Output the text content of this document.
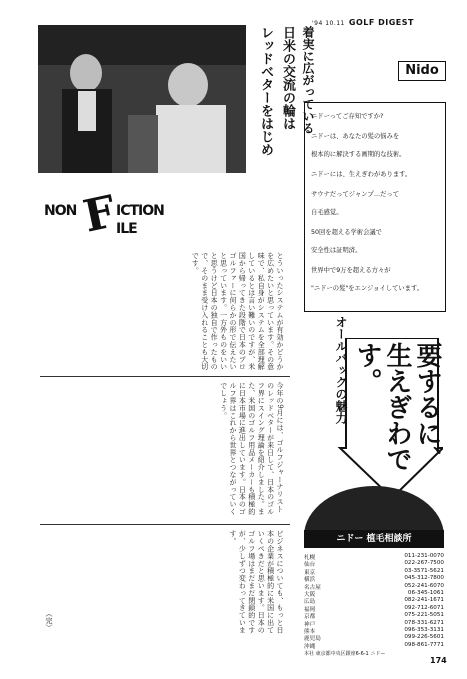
'94 10.11 GOLF DIGEST
レッドベターをはじめ 日米の交流の輪は 着実に広がっている
NON F
ICTION
ILE
とういったシステムが有効かどうかを広めたいと思っています。その意味で、私自身がシステムを全部理解しているとは言い難いのですが、米国から帰ってきた段階で日本のプロゴルファーに何らかの形で伝えたいと思っています。一方外ものをいいと思うけど日本の独自で作ったもので、そのまま受け入れることも大切です。
今年の9月には、ゴルフジャーナリストのレッドベターが来日して、日本のゴルフ界にスイング理論を紹介しました。また、米国のゴルフ用品メーカーも積極的に日本市場に進出しています。日本のゴルフ界はこれから世界とつながっていくでしょう。
ビジネスについても、もっと日本の企業が積極的に米国に出ていくべきだと思います。日本のゴルフ場はまだまだ閉鎖的ですが、少しずつ変わってきています。
（完）
Nido
ニドーってご存知ですか?
ニドーは、あなたの髪の悩みを
根本的に解決する画期的な技術。
ニドーには、生えぎわがあります。
サウナだってジャンプ…だって
自毛感覚。
50回を超える学術会議で
安全性は証明済。
世界中で9万を超える方々が
"ニドーの髪"をエンジョイしています。
オールバックの魅力	要するに、
生えぎわです。
ニドー 植毛相談所
札幌	011-231-0070
仙台	022-267-7500
東京	03-3571-5621
横浜	045-312-7800
名古屋	052-241-6070
大阪	06-345-1061
広島	082-241-1671
福岡	092-712-6071
京都	075-221-5051
神戸	078-331-6271
熊本	096-353-3131
鹿児島	099-226-5601
沖縄	098-861-7771
本社 東京都中央区銀座6-6-1 ニドー
174
